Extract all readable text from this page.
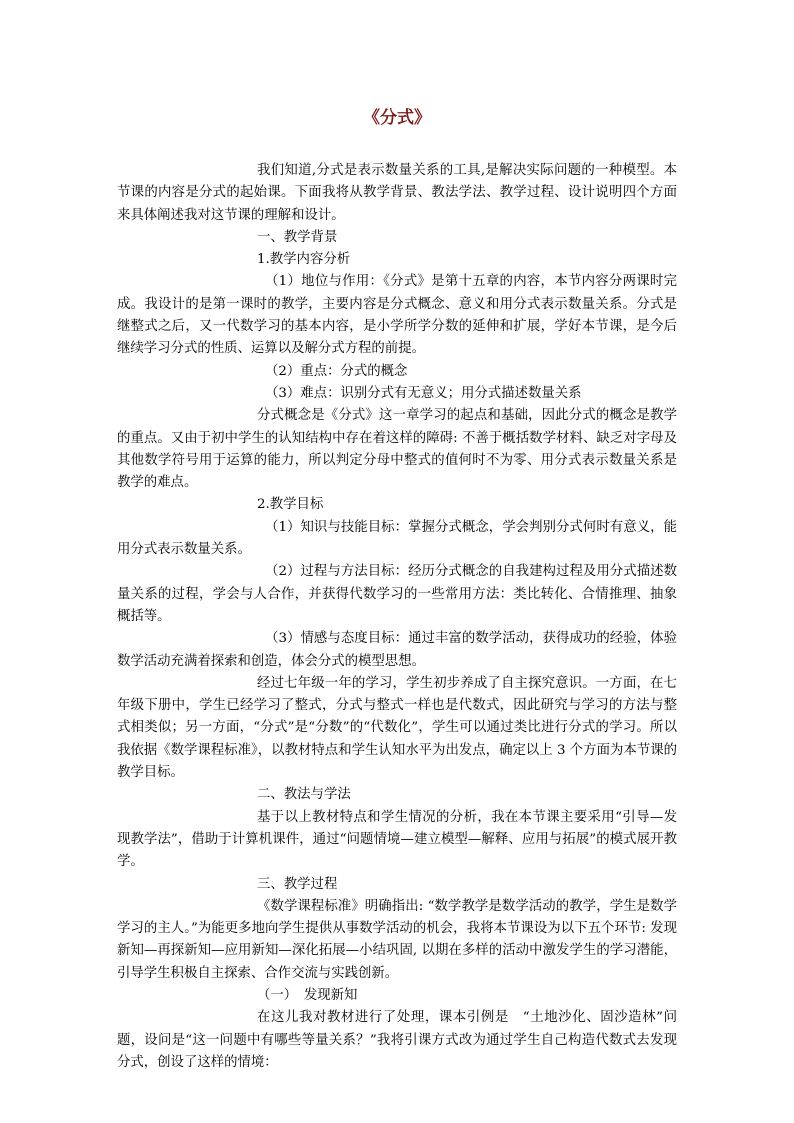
《分式》

我们知道,分式是表示数量关系的工具,是解决实际问题的一种模型。本节课的内容是分式的起始课。下面我将从教学背景、教法学法、教学过程、设计说明四个方面来具体阐述我对这节课的理解和设计。

一、教学背景

1.教学内容分析

（1）地位与作用：《分式》是第十五章的内容，本节内容分两课时完成。我设计的是第一课时的教学，主要内容是分式概念、意义和用分式表示数量关系。分式是继整式之后，又一代数学习的基本内容，是小学所学分数的延伸和扩展，学好本节课，是今后继续学习分式的性质、运算以及解分式方程的前提。

（2）重点：分式的概念

（3）难点：识别分式有无意义；用分式描述数量关系

分式概念是《分式》这一章学习的起点和基础，因此分式的概念是教学的重点。又由于初中学生的认知结构中存在着这样的障碍: 不善于概括数学材料、缺乏对字母及其他数学符号用于运算的能力，所以判定分母中整式的值何时不为零、用分式表示数量关系是教学的难点。

2.教学目标

（1）知识与技能目标：掌握分式概念，学会判别分式何时有意义，能用分式表示数量关系。

（2）过程与方法目标：经历分式概念的自我建构过程及用分式描述数量关系的过程，学会与人合作，并获得代数学习的一些常用方法：类比转化、合情推理、抽象概括等。

（3）情感与态度目标：通过丰富的数学活动，获得成功的经验，体验数学活动充满着探索和创造，体会分式的模型思想。

经过七年级一年的学习，学生初步养成了自主探究意识。一方面，在七年级下册中，学生已经学习了整式，分式与整式一样也是代数式，因此研究与学习的方法与整式相类似；另一方面，“分式”是“分数”的“代数化”，学生可以通过类比进行分式的学习。所以我依据《数学课程标准》，以教材特点和学生认知水平为出发点，确定以上 3 个方面为本节课的教学目标。

二、教法与学法

基于以上教材特点和学生情况的分析，我在本节课主要采用“引导—发现教学法”，借助于计算机课件，通过“问题情境—建立模型—解释、应用与拓展”的模式展开教学。

三、教学过程

《数学课程标准》明确指出: “数学教学是数学活动的教学，学生是数学学习的主人。”为能更多地向学生提供从事数学活动的机会，我将本节课设为以下五个环节: 发现新知—再探新知—应用新知—深化拓展—小结巩固, 以期在多样的活动中激发学生的学习潜能，引导学生积极自主探索、合作交流与实践创新。

（一）　发现新知

在这儿我对教材进行了处理，课本引例是　“土地沙化、固沙造林”问题，设问是“这一问题中有哪些等量关系？”我将引课方式改为通过学生自己构造代数式去发现分式，创设了这样的情境：
